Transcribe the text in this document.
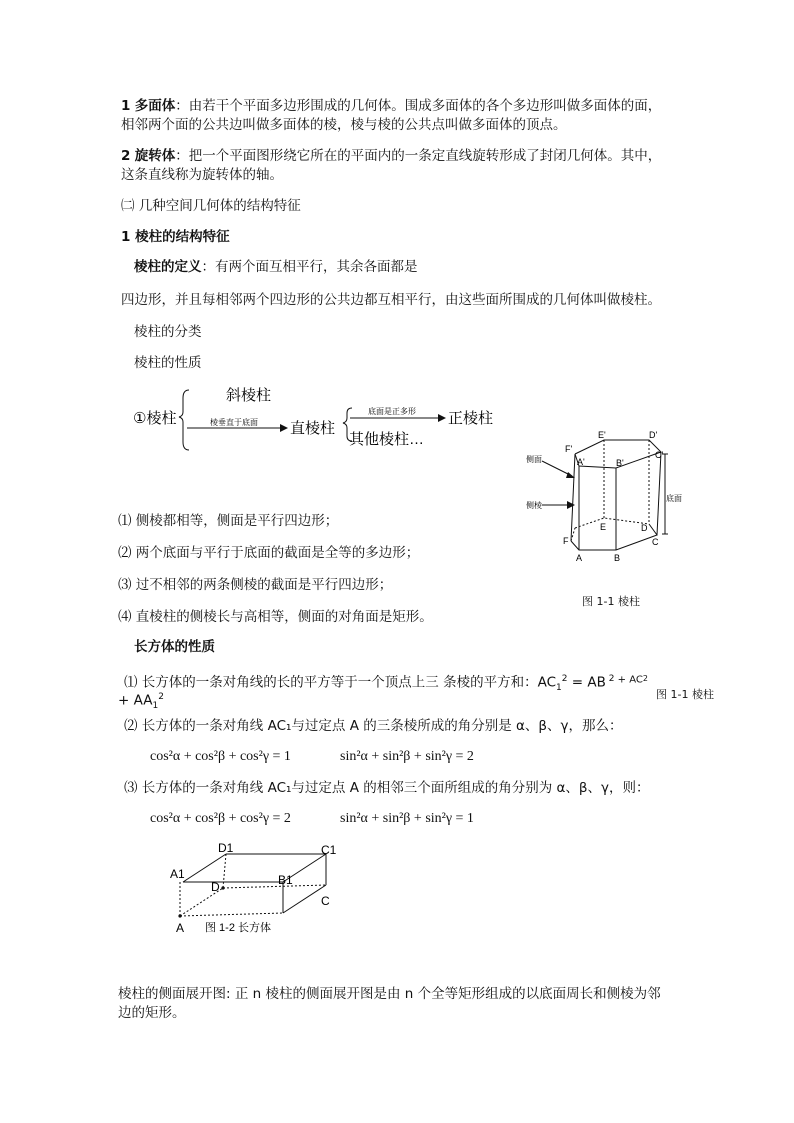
1 多面体：由若干个平面多边形围成的几何体。围成多面体的各个多边形叫做多面体的面，
相邻两个面的公共边叫做多面体的棱，棱与棱的公共点叫做多面体的顶点。
2 旋转体：把一个平面图形绕它所在的平面内的一条定直线旋转形成了封闭几何体。其中，
这条直线称为旋转体的轴。
㈡ 几种空间几何体的结构特征
1 棱柱的结构特征
棱柱的定义：有两个面互相平行，其余各面都是
四边形，并且每相邻两个四边形的公共边都互相平行，由这些面所围成的几何体叫做棱柱。
棱柱的分类
棱柱的性质
①棱柱
斜棱柱
棱垂直于底面 直棱柱
底面是正多形 正棱柱
其他棱柱…
侧面
侧棱
底面
E'	D'
F'
C'
A'	B'
E	D
F	C
A	B
图 1-1 棱柱
⑴ 侧棱都相等，侧面是平行四边形；
⑵ 两个底面与平行于底面的截面是全等的多边形；
⑶ 过不相邻的两条侧棱的截面是平行四边形；
⑷ 直棱柱的侧棱长与高相等，侧面的对角面是矩形。
长方体的性质
⑴ 长方体的一条对角线的长的平方等于一个顶点上三 条棱的平方和：$AC_1^2$ = AB $^2$ $^{+ AC2}$
+ $AA_1^2$	图 1-1 棱柱
⑵ 长方体的一条对角线 AC₁与过定点 A 的三条棱所成的角分别是 α、β、γ，那么：
cos²α + cos²β + cos²γ = 1	sin²α + sin²β + sin²γ = 2
⑶ 长方体的一条对角线 AC₁与过定点 A 的相邻三个面所组成的角分别为 α、β、γ，则：
cos²α + cos²β + cos²γ = 2	sin²α + sin²β + sin²γ = 1
D1	C1
A1	B1
D
C
A 图 1-2 长方体
棱柱的侧面展开图: 正 n 棱柱的侧面展开图是由 n 个全等矩形组成的以底面周长和侧棱为邻
边的矩形。
